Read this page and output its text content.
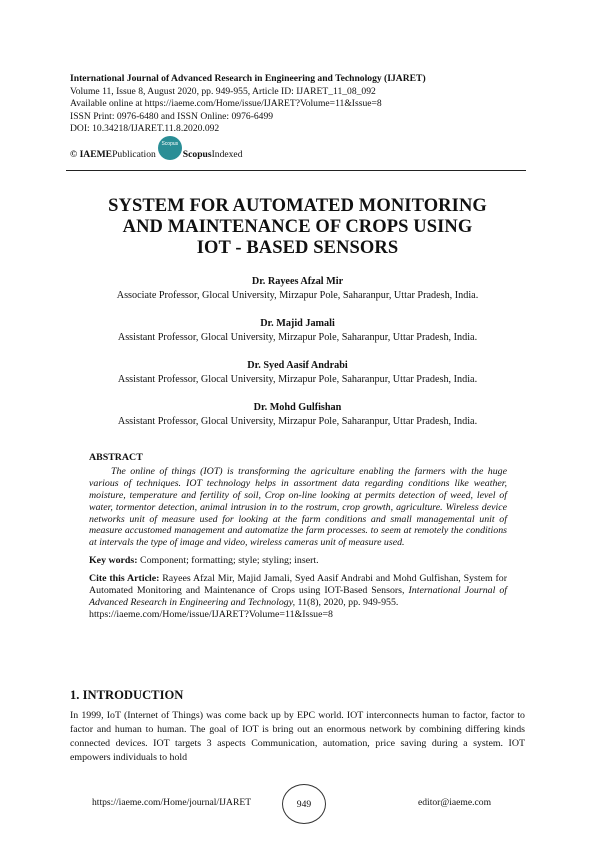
International Journal of Advanced Research in Engineering and Technology (IJARET)
Volume 11, Issue 8, August 2020, pp. 949-955, Article ID: IJARET_11_08_092
Available online at https://iaeme.com/Home/issue/IJARET?Volume=11&Issue=8
ISSN Print: 0976-6480 and ISSN Online: 0976-6499
DOI: 10.34218/IJARET.11.8.2020.092
© IAEME Publication
Scopus
Scopus Indexed
SYSTEM FOR AUTOMATED MONITORING
AND MAINTENANCE OF CROPS USING
IOT - BASED SENSORS
Dr. Rayees Afzal Mir
Associate Professor, Glocal University, Mirzapur Pole, Saharanpur, Uttar Pradesh, India.
Dr. Majid Jamali
Assistant Professor, Glocal University, Mirzapur Pole, Saharanpur, Uttar Pradesh, India.
Dr. Syed Aasif Andrabi
Assistant Professor, Glocal University, Mirzapur Pole, Saharanpur, Uttar Pradesh, India.
Dr. Mohd Gulfishan
Assistant Professor, Glocal University, Mirzapur Pole, Saharanpur, Uttar Pradesh, India.
ABSTRACT
The online of things (IOT) is transforming the agriculture enabling the farmers with the huge various of techniques. IOT technology helps in assortment data regarding conditions like weather, moisture, temperature and fertility of soil, Crop on-line looking at permits detection of weed, level of water, tormentor detection, animal intrusion in to the rostrum, crop growth, agriculture. Wireless device networks unit of measure used for looking at the farm conditions and small managemental unit of measure accustomed management and automatize the farm processes. to seem at remotely the conditions at intervals the type of image and video, wireless cameras unit of measure used.
Key words: Component; formatting; style; styling; insert.
Cite this Article: Rayees Afzal Mir, Majid Jamali, Syed Aasif Andrabi and Mohd Gulfishan, System for Automated Monitoring and Maintenance of Crops using IOT-Based Sensors, International Journal of Advanced Research in Engineering and Technology, 11(8), 2020, pp. 949-955.
https://iaeme.com/Home/issue/IJARET?Volume=11&Issue=8
1. INTRODUCTION
In 1999, IoT (Internet of Things) was come back up by EPC world. IOT interconnects human to factor, factor to factor and human to human. The goal of IOT is bring out an enormous network by combining differing kinds connected devices. IOT targets 3 aspects Communication, automation, price saving during a system. IOT empowers individuals to hold
https://iaeme.com/Home/journal/IJARET	949	editor@iaeme.com
